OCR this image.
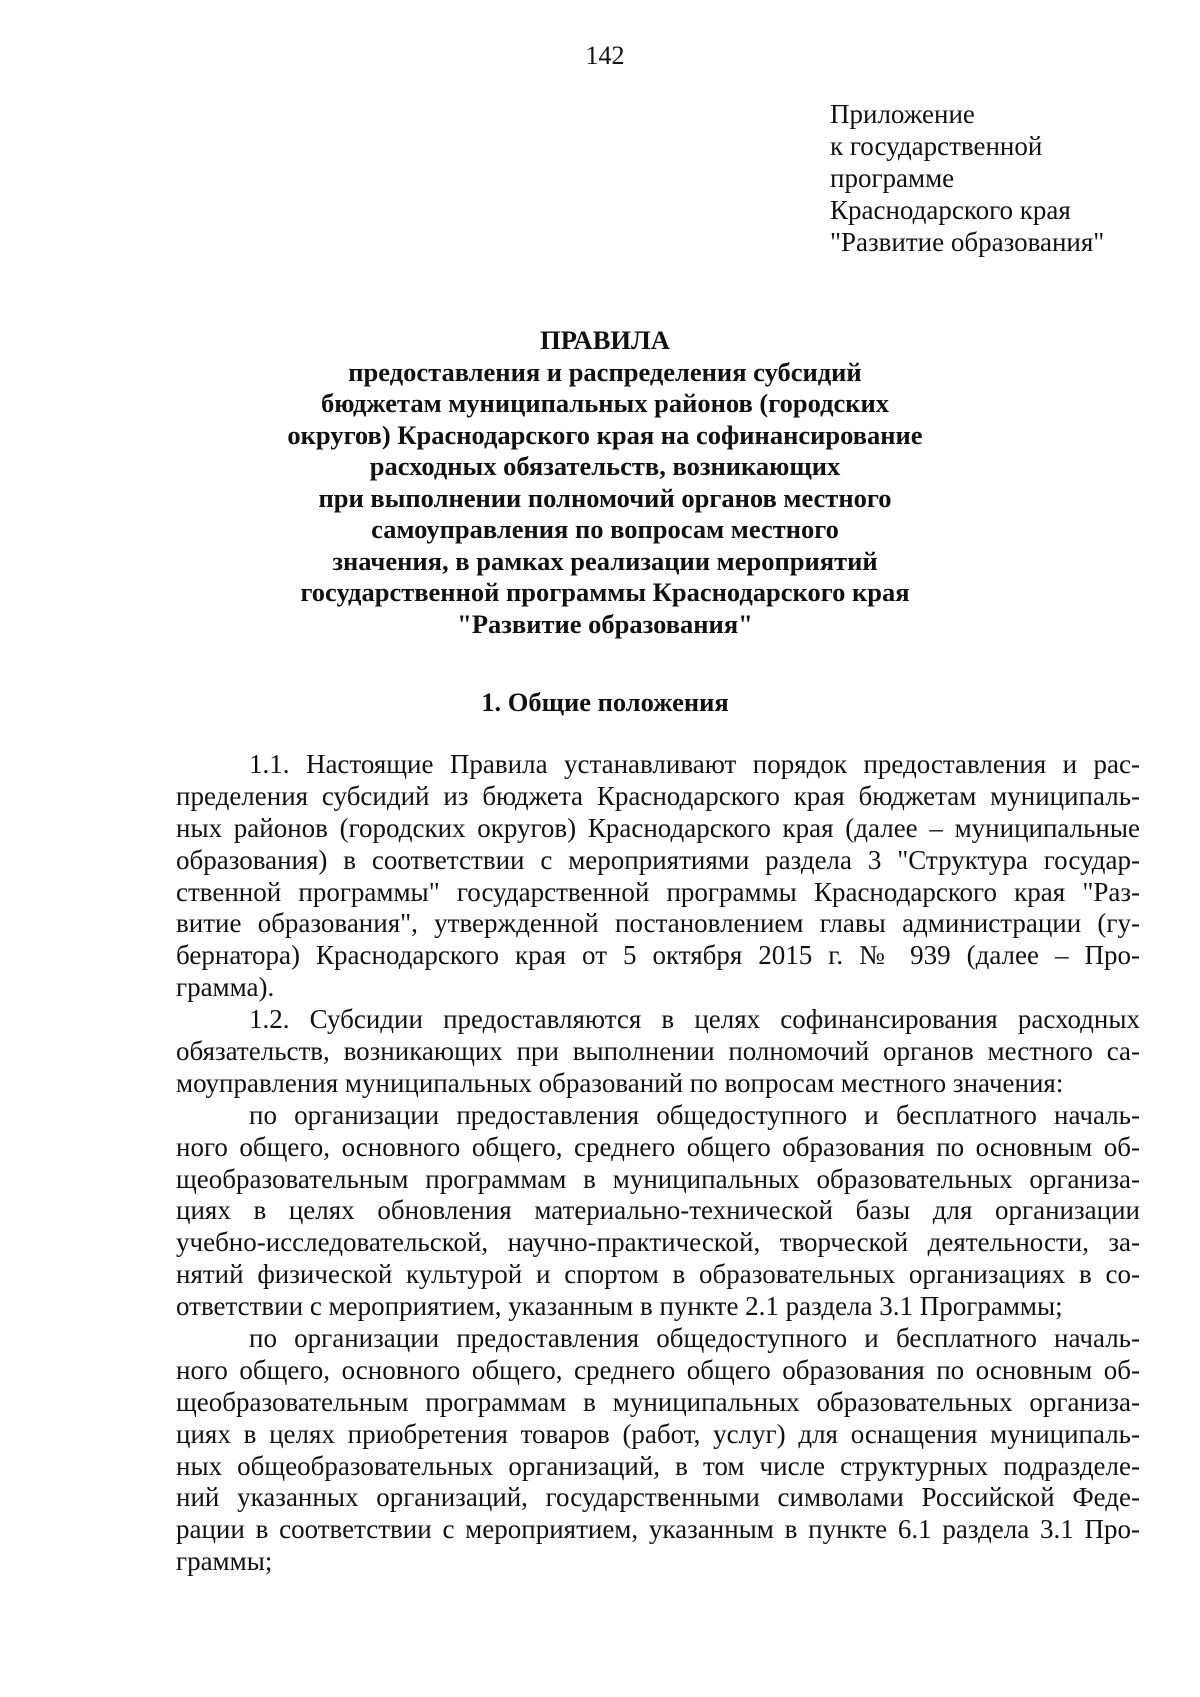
142
Приложение
к государственной
программе
Краснодарского края
"Развитие образования"
ПРАВИЛА
предоставления и распределения субсидий
бюджетам муниципальных районов (городских
округов) Краснодарского края на софинансирование
расходных обязательств, возникающих
при выполнении полномочий органов местного
самоуправления по вопросам местного
значения, в рамках реализации мероприятий
государственной программы Краснодарского края
"Развитие образования"
1. Общие положения
1.1. Настоящие Правила устанавливают порядок предоставления и рас-
пределения субсидий из бюджета Краснодарского края бюджетам муниципаль-
ных районов (городских округов) Краснодарского края (далее – муниципальные
образования) в соответствии с мероприятиями раздела 3 "Структура государ-
ственной программы" государственной программы Краснодарского края "Раз-
витие образования", утвержденной постановлением главы администрации (гу-
бернатора) Краснодарского края от 5 октября 2015 г. № 939 (далее – Про-
грамма).
1.2. Субсидии предоставляются в целях софинансирования расходных
обязательств, возникающих при выполнении полномочий органов местного са-
моуправления муниципальных образований по вопросам местного значения:
по организации предоставления общедоступного и бесплатного началь-
ного общего, основного общего, среднего общего образования по основным об-
щеобразовательным программам в муниципальных образовательных организа-
циях в целях обновления материально-технической базы для организации
учебно-исследовательской, научно-практической, творческой деятельности, за-
нятий физической культурой и спортом в образовательных организациях в со-
ответствии с мероприятием, указанным в пункте 2.1 раздела 3.1 Программы;
по организации предоставления общедоступного и бесплатного началь-
ного общего, основного общего, среднего общего образования по основным об-
щеобразовательным программам в муниципальных образовательных организа-
циях в целях приобретения товаров (работ, услуг) для оснащения муниципаль-
ных общеобразовательных организаций, в том числе структурных подразделе-
ний указанных организаций, государственными символами Российской Феде-
рации в соответствии с мероприятием, указанным в пункте 6.1 раздела 3.1 Про-
граммы;
